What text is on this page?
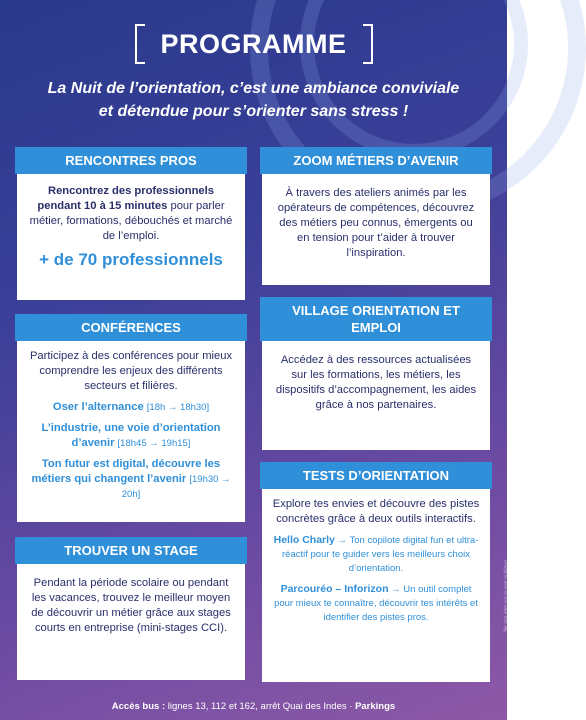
PROGRAMME
La Nuit de l’orientation, c’est une ambiance conviviale
et détendue pour s’orienter sans stress !
RENCONTRES PROS
Rencontrez des professionnels pendant 10 à 15 minutes pour parler métier, formations, débouchés et marché de l’emploi.
+ de 70 professionnels
ZOOM MÉTIERS D’AVENIR
À travers des ateliers animés par les opérateurs de compétences, découvrez des métiers peu connus, émergents ou en tension pour t’aider à trouver l’inspiration.
CONFÉRENCES
Participez à des conférences pour mieux comprendre les enjeux des différents secteurs et filières.
Oser l’alternance [18h → 18h30]
L’industrie, une voie d’orientation d’avenir [18h45 → 19h15]
Ton futur est digital, découvre les métiers qui changent l’avenir [19h30 → 20h]
VILLAGE ORIENTATION ET EMPLOI
Accédez à des ressources actualisées sur les formations, les métiers, les dispositifs d’accompagnement, les aides grâce à nos partenaires.
TESTS D’ORIENTATION
Explore tes envies et découvre des pistes concrètes grâce à deux outils interactifs.
Hello Charly → Ton copilote digital fun et ultra-réactif pour te guider vers les meilleurs choix d’orientation.
Parcouréo – Inforizon → Un outil complet pour mieux te connaître, découvrir tes intérêts et identifier des pistes pros.
TROUVER UN STAGE
Pendant la période scolaire ou pendant les vacances, trouvez le meilleur moyen de découvrir un métier grâce aux stages courts en entreprise (mini-stages CCI).	Ne pas jeter sur la voie publique
Accès bus : lignes 13, 112 et 162, arrêt Quai des Indes · Parkings
